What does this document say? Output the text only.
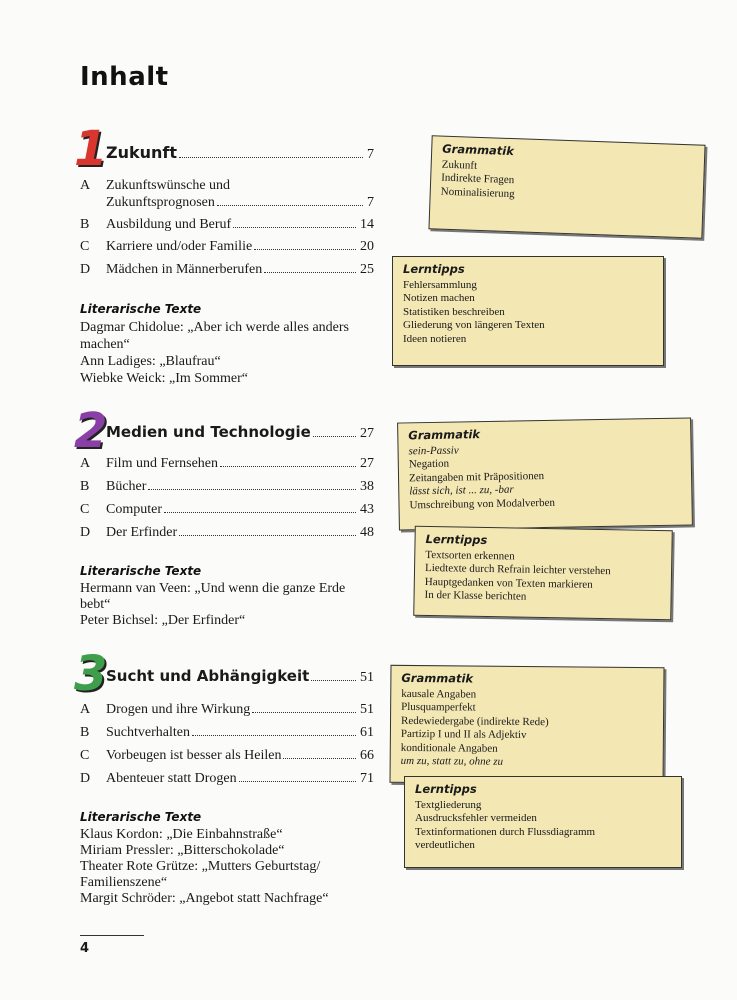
Inhalt
1
Zukunft	7
A Zukunftswünsche und
Zukunftsprognosen	7
B Ausbildung und Beruf	14
C Karriere und/oder Familie	20
D Mädchen in Männerberufen	25
Literarische Texte
Dagmar Chidolue: „Aber ich werde alles anders
machen“
Ann Ladiges: „Blaufrau“
Wiebke Weick: „Im Sommer“
Grammatik
Zukunft
Indirekte Fragen
Nominalisierung
Lerntipps
Fehlersammlung
Notizen machen
Statistiken beschreiben
Gliederung von längeren Texten
Ideen notieren
2
Medien und Technologie	27
A Film und Fernsehen	27
B Bücher	38
C Computer	43
D Der Erfinder	48
Literarische Texte
Hermann van Veen: „Und wenn die ganze Erde
bebt“
Peter Bichsel: „Der Erfinder“
Grammatik
sein-Passiv
Negation
Zeitangaben mit Präpositionen
lässt sich, ist ... zu, -bar
Umschreibung von Modalverben
Lerntipps
Textsorten erkennen
Liedtexte durch Refrain leichter verstehen
Hauptgedanken von Texten markieren
In der Klasse berichten
3
Sucht und Abhängigkeit	51
A Drogen und ihre Wirkung	51
B Suchtverhalten	61
C Vorbeugen ist besser als Heilen	66
D Abenteuer statt Drogen	71
Literarische Texte
Klaus Kordon: „Die Einbahnstraße“
Miriam Pressler: „Bitterschokolade“
Theater Rote Grütze: „Mutters Geburtstag/
Familienszene“
Margit Schröder: „Angebot statt Nachfrage“
Grammatik
kausale Angaben
Plusquamperfekt
Redewiedergabe (indirekte Rede)
Partizip I und II als Adjektiv
konditionale Angaben
um zu, statt zu, ohne zu
Lerntipps
Textgliederung
Ausdrucksfehler vermeiden
Textinformationen durch Flussdiagramm
verdeutlichen
4
